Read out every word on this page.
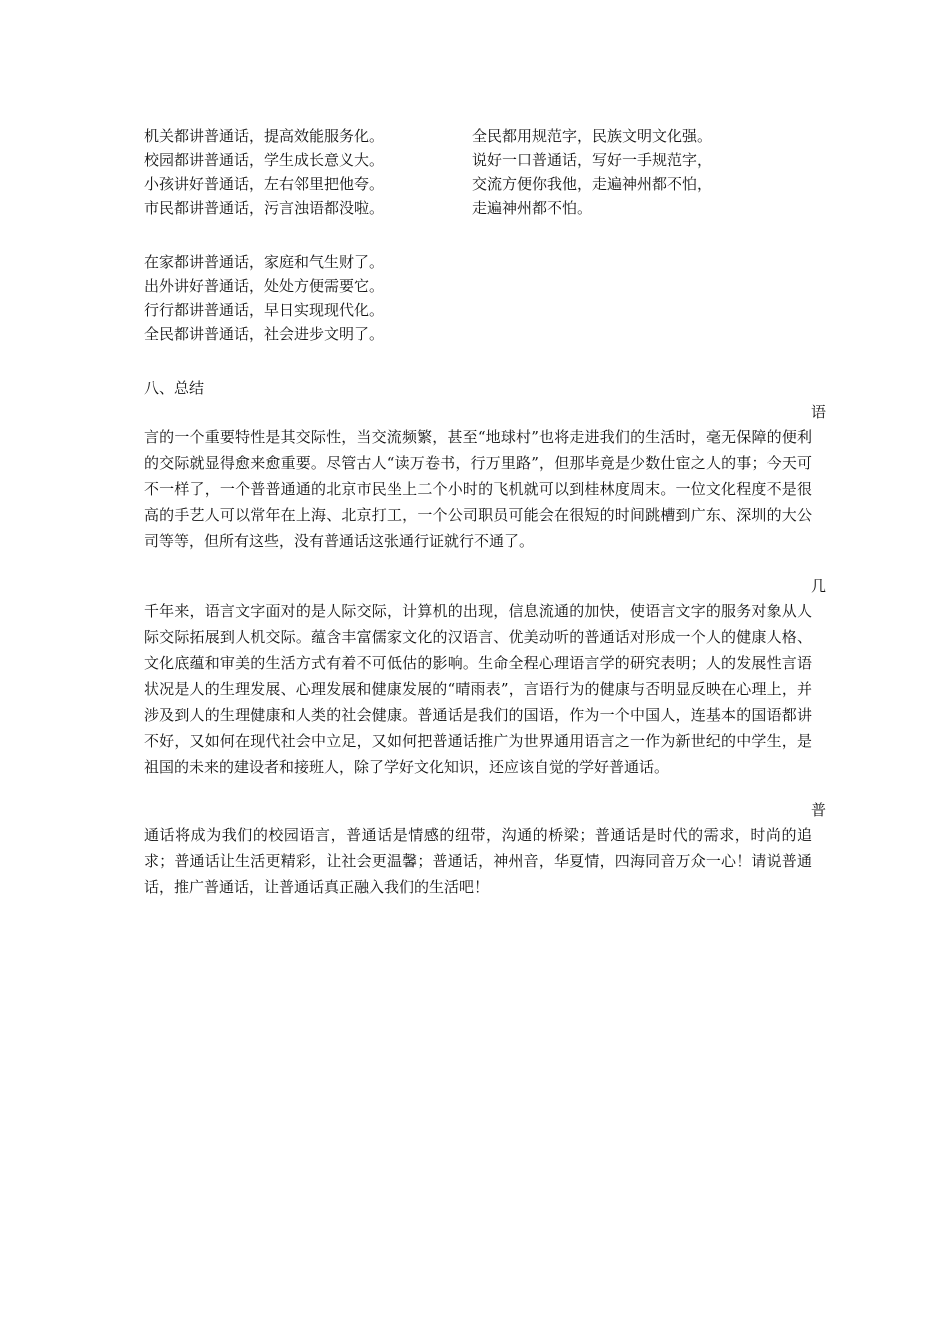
机关都讲普通话，提高效能服务化。
校园都讲普通话，学生成长意义大。
小孩讲好普通话，左右邻里把他夸。
市民都讲普通话，污言浊语都没啦。
全民都用规范字，民族文明文化强。
说好一口普通话，写好一手规范字，
交流方便你我他，走遍神州都不怕，
走遍神州都不怕。
在家都讲普通话，家庭和气生财了。
出外讲好普通话，处处方便需要它。
行行都讲普通话，早日实现现代化。
全民都讲普通话，社会进步文明了。
八、总结
语
言的一个重要特性是其交际性，当交流频繁，甚至“地球村”也将走进我们的生活时，毫无保障的便利的交际就显得愈来愈重要。尽管古人“读万卷书，行万里路”，但那毕竟是少数仕宦之人的事；今天可不一样了，一个普普通通的北京市民坐上二个小时的飞机就可以到桂林度周末。一位文化程度不是很高的手艺人可以常年在上海、北京打工，一个公司职员可能会在很短的时间跳槽到广东、深圳的大公司等等，但所有这些，没有普通话这张通行证就行不通了。
几
千年来，语言文字面对的是人际交际，计算机的出现，信息流通的加快，使语言文字的服务对象从人际交际拓展到人机交际。蕴含丰富儒家文化的汉语言、优美动听的普通话对形成一个人的健康人格、文化底蕴和审美的生活方式有着不可低估的影响。生命全程心理语言学的研究表明；人的发展性言语状况是人的生理发展、心理发展和健康发展的“晴雨表”，言语行为的健康与否明显反映在心理上，并涉及到人的生理健康和人类的社会健康。普通话是我们的国语，作为一个中国人，连基本的国语都讲不好，又如何在现代社会中立足，又如何把普通话推广为世界通用语言之一作为新世纪的中学生，是祖国的未来的建设者和接班人，除了学好文化知识，还应该自觉的学好普通话。
普
通话将成为我们的校园语言，普通话是情感的纽带，沟通的桥梁；普通话是时代的需求，时尚的追求；普通话让生活更精彩，让社会更温馨；普通话，神州音，华夏情，四海同音万众一心！请说普通话，推广普通话，让普通话真正融入我们的生活吧！
